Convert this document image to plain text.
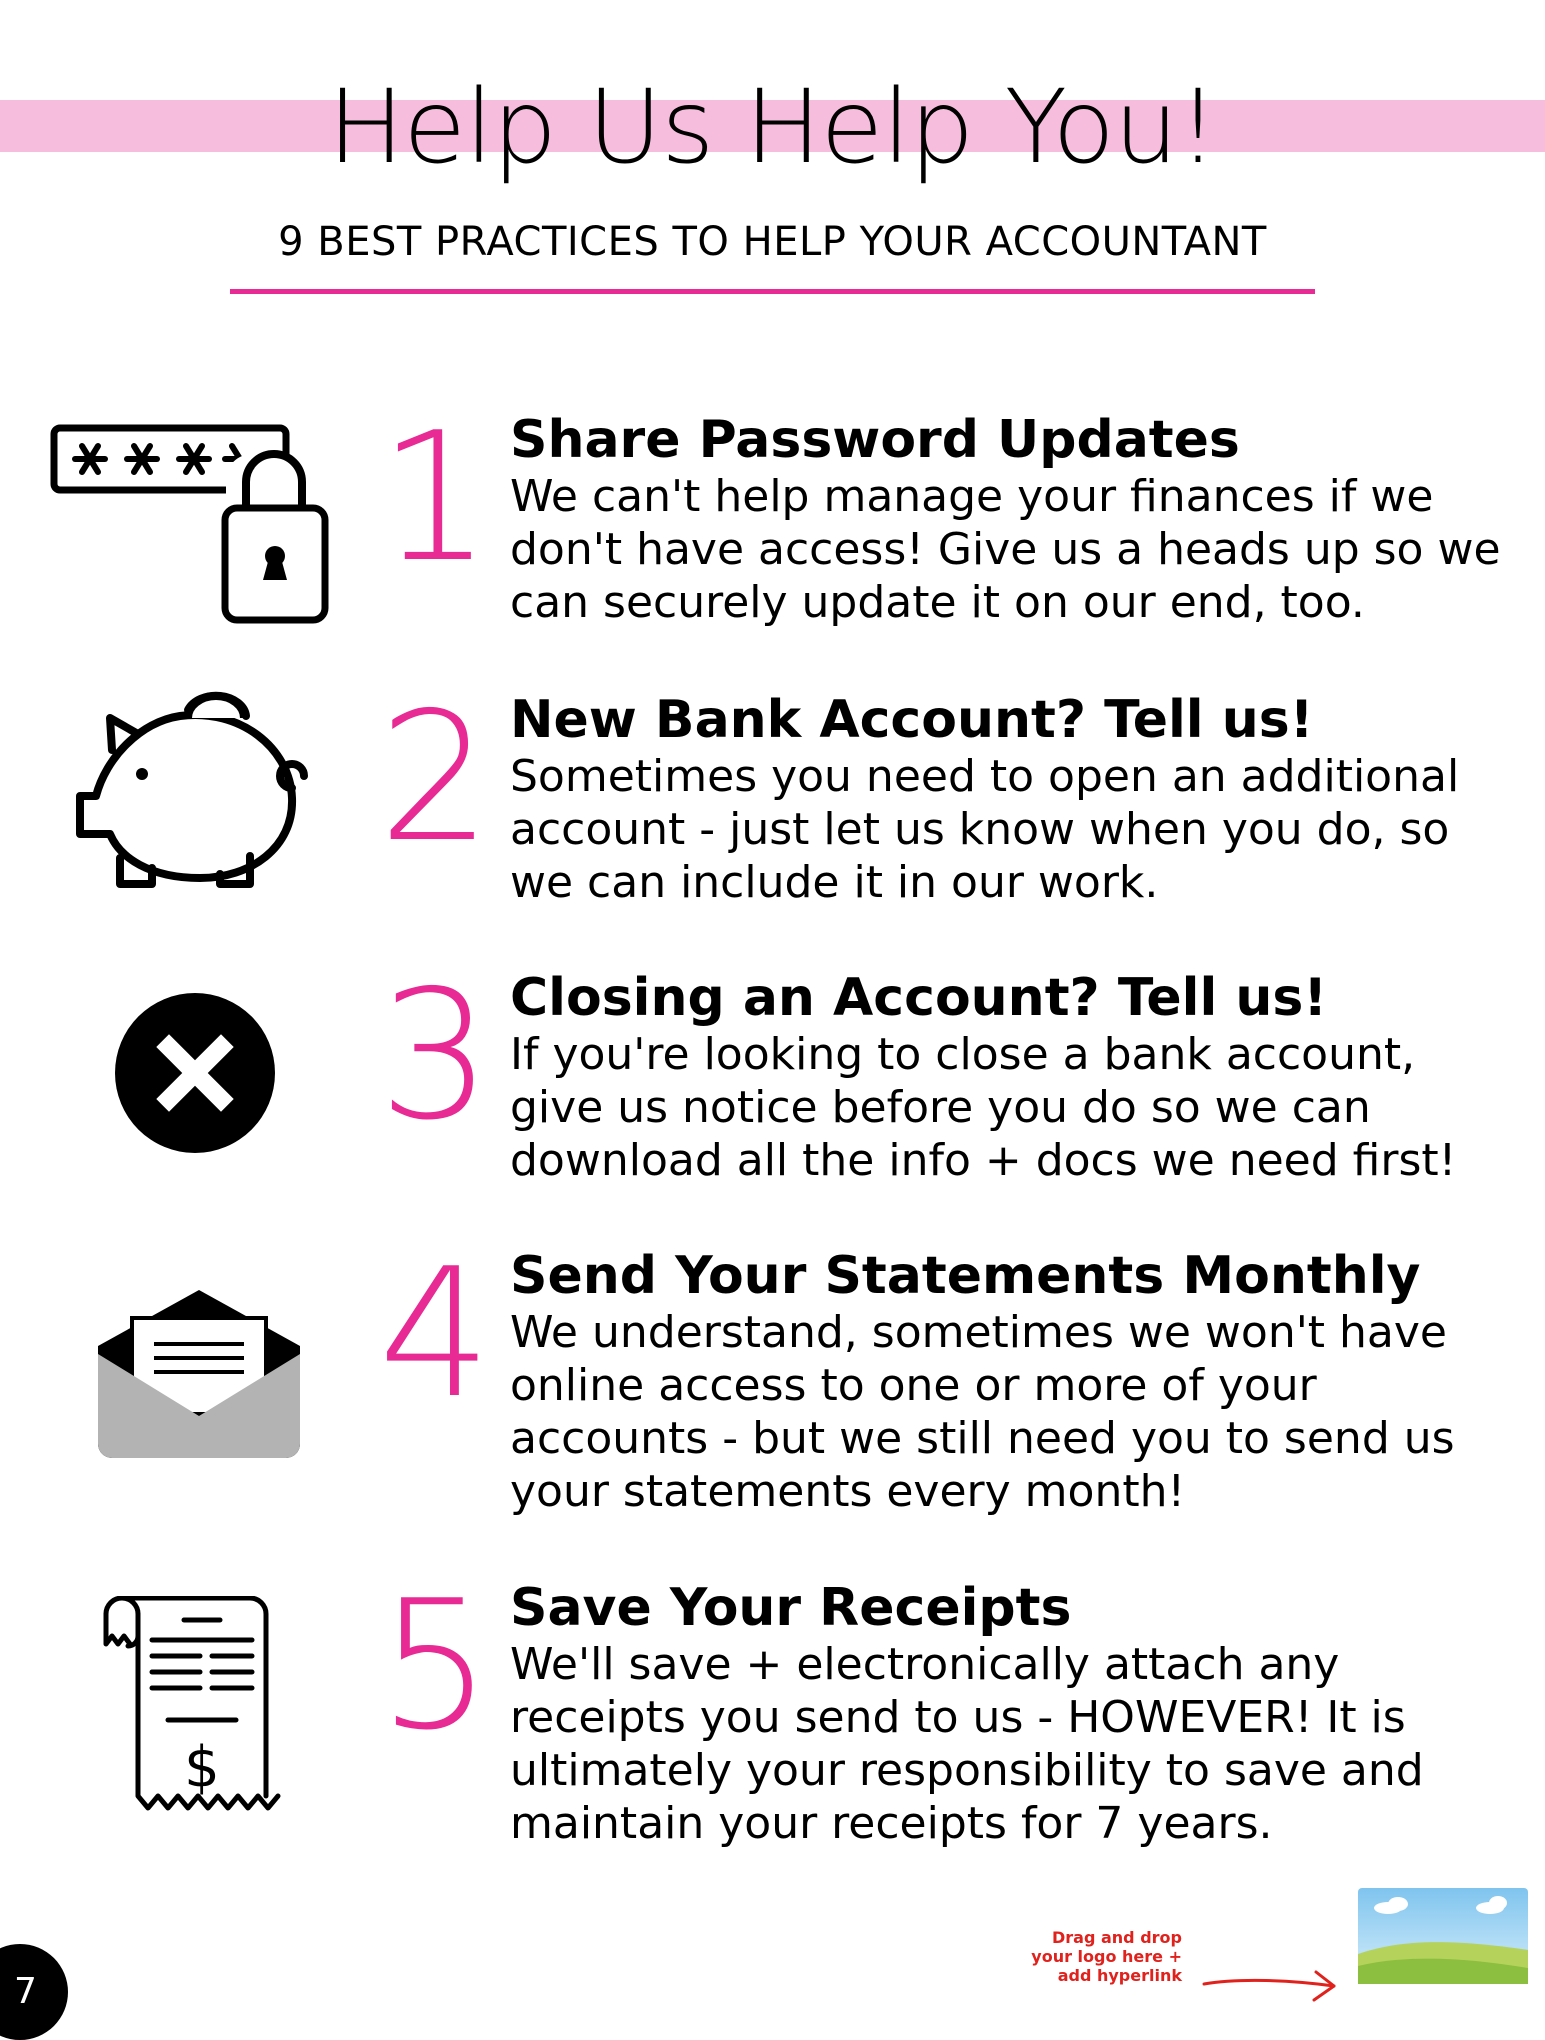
Help Us Help You!
9 BEST PRACTICES TO HELP YOUR ACCOUNTANT
1 Share Password Updates
We can't help manage your finances if we don't have access! Give us a heads up so we can securely update it on our end, too.
2 New Bank Account? Tell us!
Sometimes you need to open an additional account - just let us know when you do, so we can include it in our work.
3 Closing an Account? Tell us!
If you're looking to close a bank account, give us notice before you do so we can download all the info + docs we need first!
4 Send Your Statements Monthly
We understand, sometimes we won't have online access to one or more of your accounts - but we still need you to send us your statements every month!
$ 5 Save Your Receipts
We'll save + electronically attach any receipts you send to us - HOWEVER! It is ultimately your responsibility to save and maintain your receipts for 7 years.
7
Drag and drop your logo here + add hyperlink
